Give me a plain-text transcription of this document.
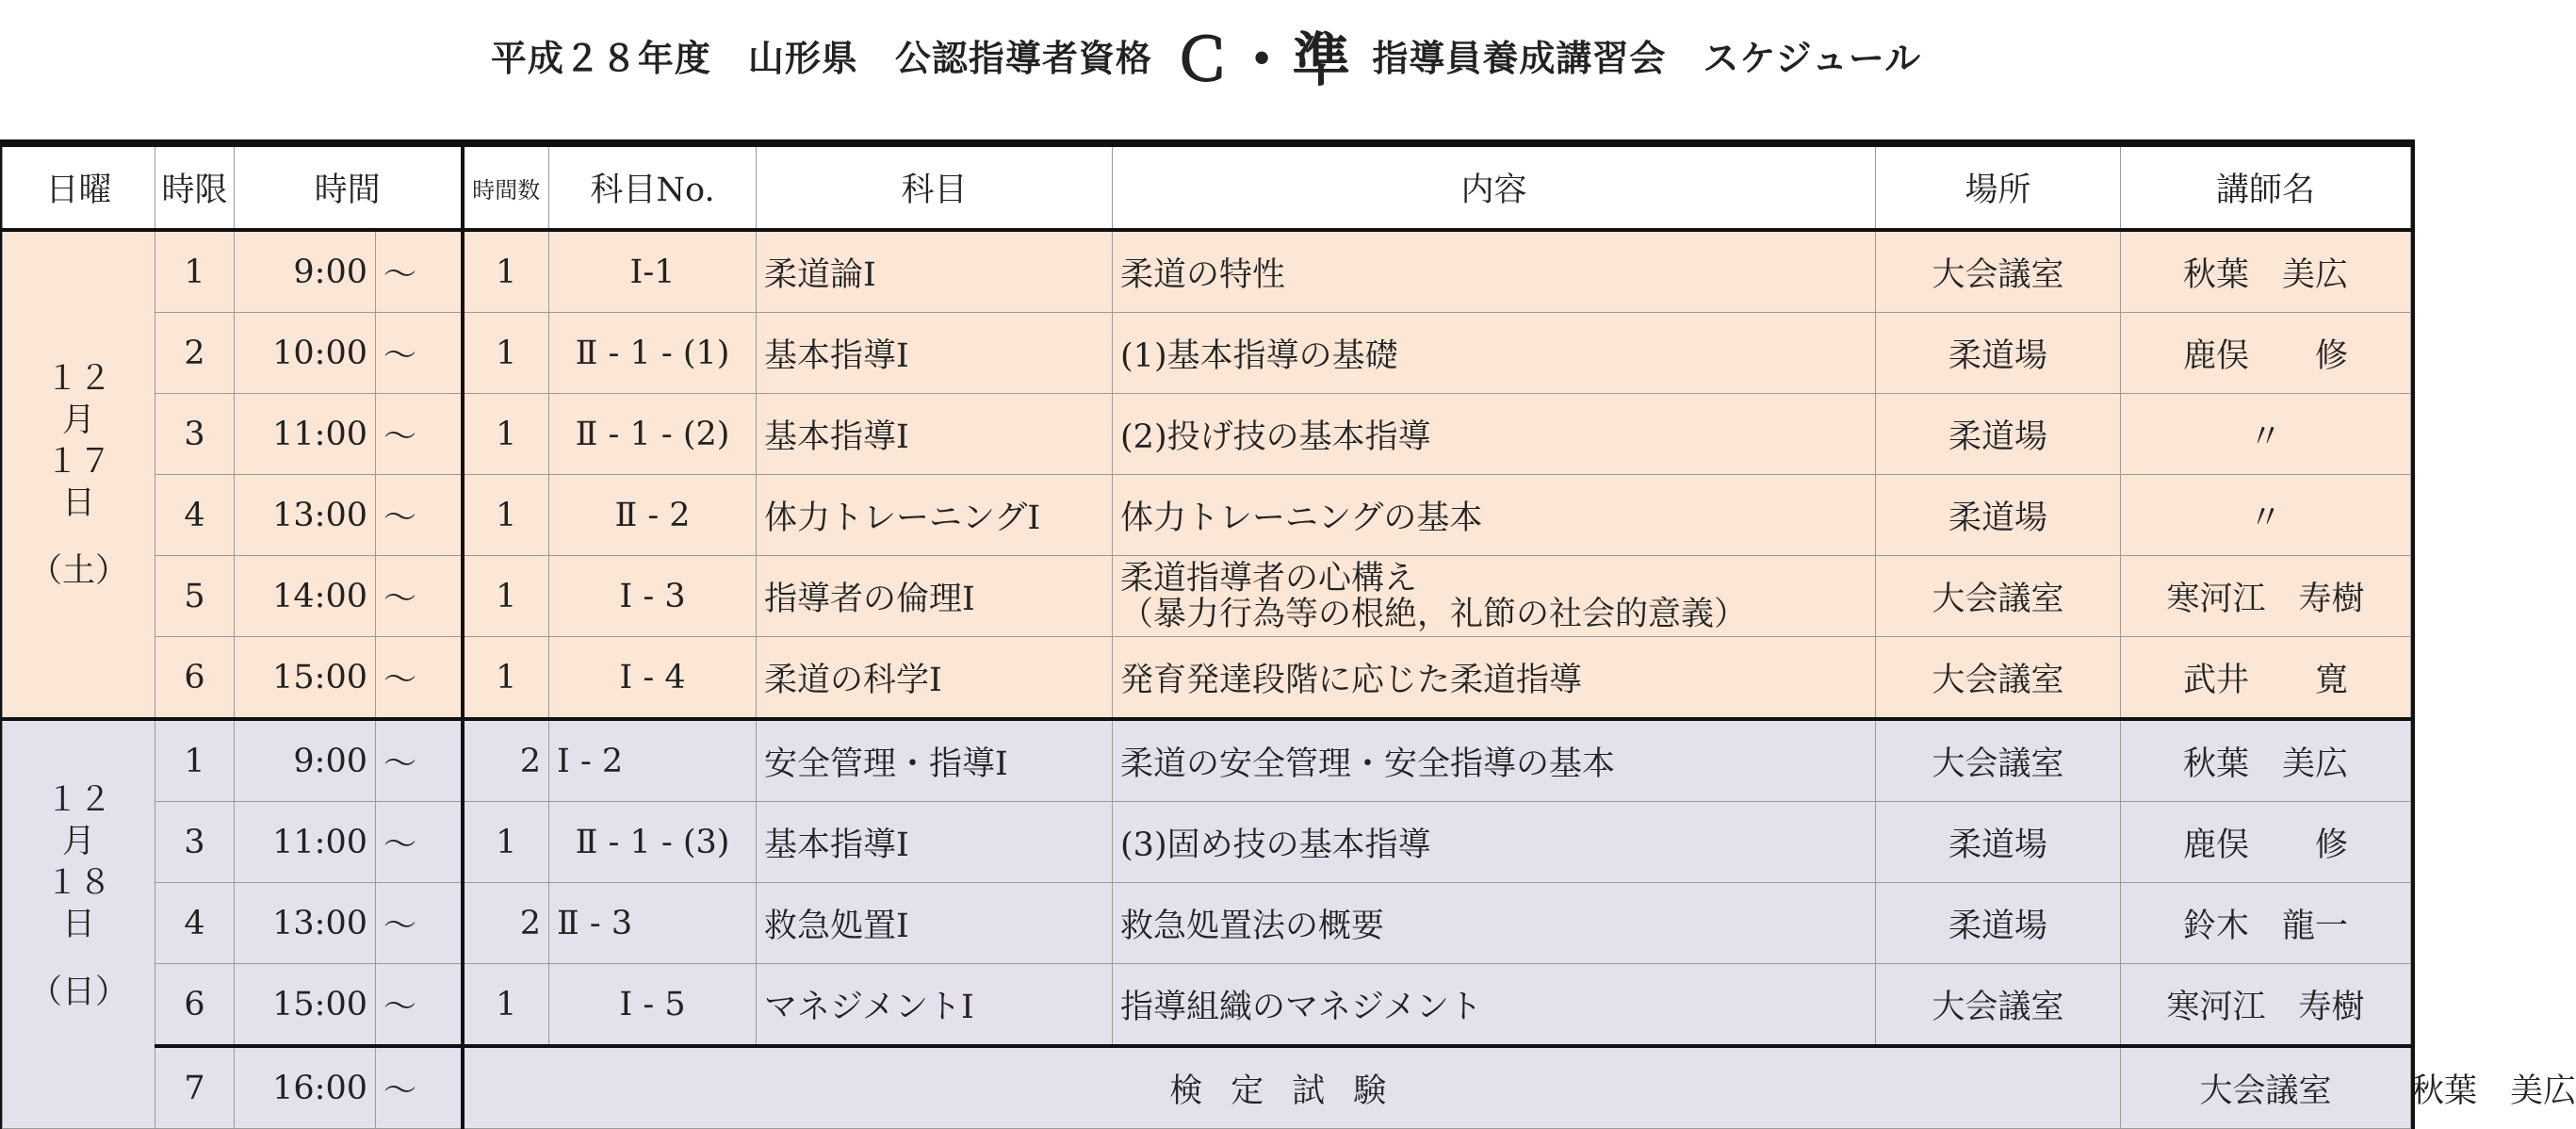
平成２８年度　山形県　公認指導者資格 Ｃ・準 指導員養成講習会　スケジュール
日曜	時限	時間		時間数	科目No.	科目	内容	場所	講師名	

１２
月
１７
日
（土）	1	9:00	～	1	Ⅰ-1	柔道論Ⅰ	柔道の特性	大会議室	秋葉　美広	
	2	10:00	～	1	Ⅱ - 1 - (1)	基本指導Ⅰ	(1)基本指導の基礎	柔道場	鹿俣　　修	
	3	11:00	～	1	Ⅱ - 1 - (2)	基本指導Ⅰ	(2)投げ技の基本指導	柔道場	〃	
	4	13:00	～	1	Ⅱ - 2	体力トレーニングⅠ	体力トレーニングの基本	柔道場	〃	
	5	14:00	～	1	Ⅰ - 3	指導者の倫理Ⅰ	柔道指導者の心構え
（暴力行為等の根絶，礼節の社会的意義）	大会議室	寒河江　寿樹	
	6	15:00	～	1	Ⅰ - 4	柔道の科学Ⅰ	発育発達段階に応じた柔道指導	大会議室	武井　　寛	

１２
月
１８
日
（日）	1	9:00	～	2	Ⅰ - 2	安全管理・指導Ⅰ	柔道の安全管理・安全指導の基本	大会議室	秋葉　美広	
	3	11:00	～	1	Ⅱ - 1 - (3)	基本指導Ⅰ	(3)固め技の基本指導	柔道場	鹿俣　　修	
	4	13:00	～	2	Ⅱ - 3	救急処置Ⅰ	救急処置法の概要	柔道場	鈴木　龍一	
	6	15:00	～	1	Ⅰ - 5	マネジメントⅠ	指導組織のマネジメント	大会議室	寒河江　寿樹	
	7	16:00	～	検定試験					大会議室	秋葉　美広
